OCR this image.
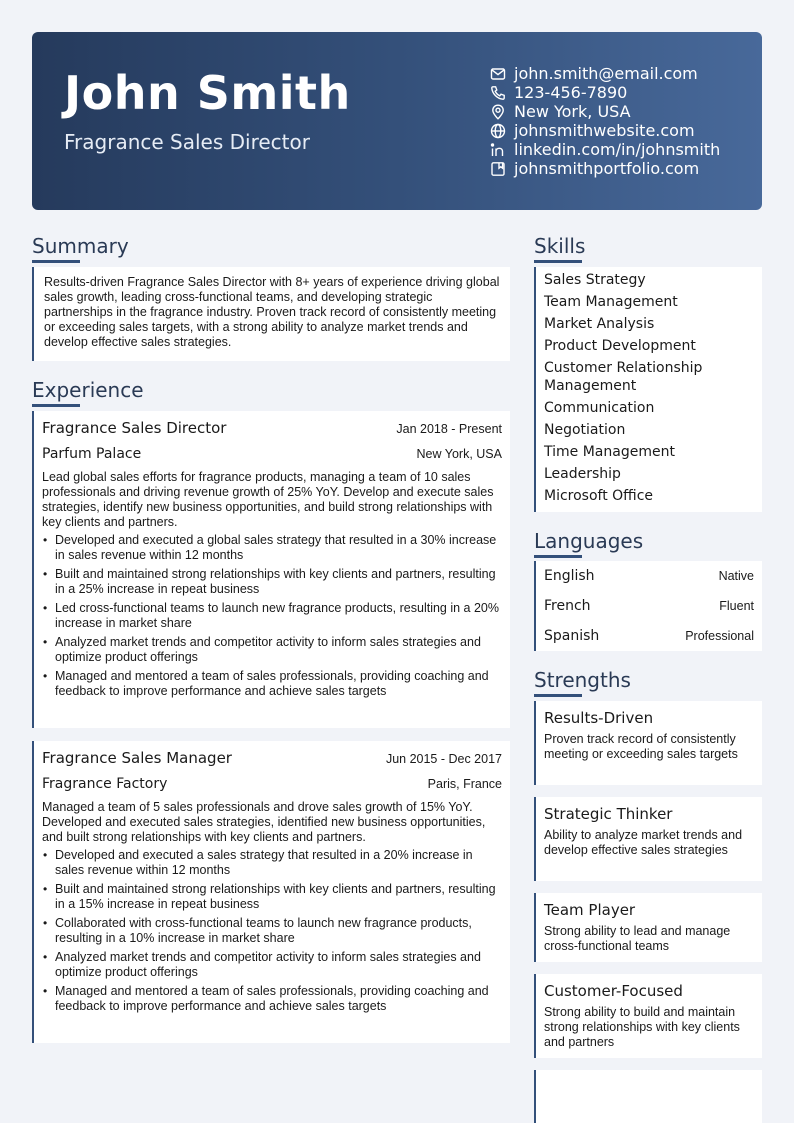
John Smith
Fragrance Sales Director
john.smith@email.com
123-456-7890
New York, USA
johnsmithwebsite.com
linkedin.com/in/johnsmith
johnsmithportfolio.com
Summary

Results-driven Fragrance Sales Director with 8+ years of experience driving global sales growth, leading cross-functional teams, and developing strategic partnerships in the fragrance industry. Proven track record of consistently meeting or exceeding sales targets, with a strong ability to analyze market trends and develop effective sales strategies.

Experience
Fragrance Sales Director	Jan 2018 - Present
Parfum Palace	New York, USA

Lead global sales efforts for fragrance products, managing a team of 10 sales professionals and driving revenue growth of 25% YoY. Develop and execute sales strategies, identify new business opportunities, and build strong relationships with key clients and partners.

• Developed and executed a global sales strategy that resulted in a 30% increase in sales revenue within 12 months
• Built and maintained strong relationships with key clients and partners, resulting in a 25% increase in repeat business
• Led cross-functional teams to launch new fragrance products, resulting in a 20% increase in market share
• Analyzed market trends and competitor activity to inform sales strategies and optimize product offerings
• Managed and mentored a team of sales professionals, providing coaching and feedback to improve performance and achieve sales targets
Fragrance Sales Manager	Jun 2015 - Dec 2017
Fragrance Factory	Paris, France

Managed a team of 5 sales professionals and drove sales growth of 15% YoY. Developed and executed sales strategies, identified new business opportunities, and built strong relationships with key clients and partners.

• Developed and executed a sales strategy that resulted in a 20% increase in sales revenue within 12 months
• Built and maintained strong relationships with key clients and partners, resulting in a 15% increase in repeat business
• Collaborated with cross-functional teams to launch new fragrance products, resulting in a 10% increase in market share
• Analyzed market trends and competitor activity to inform sales strategies and optimize product offerings
• Managed and mentored a team of sales professionals, providing coaching and feedback to improve performance and achieve sales targets
Skills
Sales Strategy
Team Management
Market Analysis
Product Development
Customer Relationship Management
Communication
Negotiation
Time Management
Leadership
Microsoft Office
Languages
English	Native
French	Fluent
Spanish	Professional
Strengths
Results-Driven
Proven track record of consistently meeting or exceeding sales targets
Strategic Thinker
Ability to analyze market trends and develop effective sales strategies
Team Player
Strong ability to lead and manage cross-functional teams
Customer-Focused
Strong ability to build and maintain strong relationships with key clients and partners
